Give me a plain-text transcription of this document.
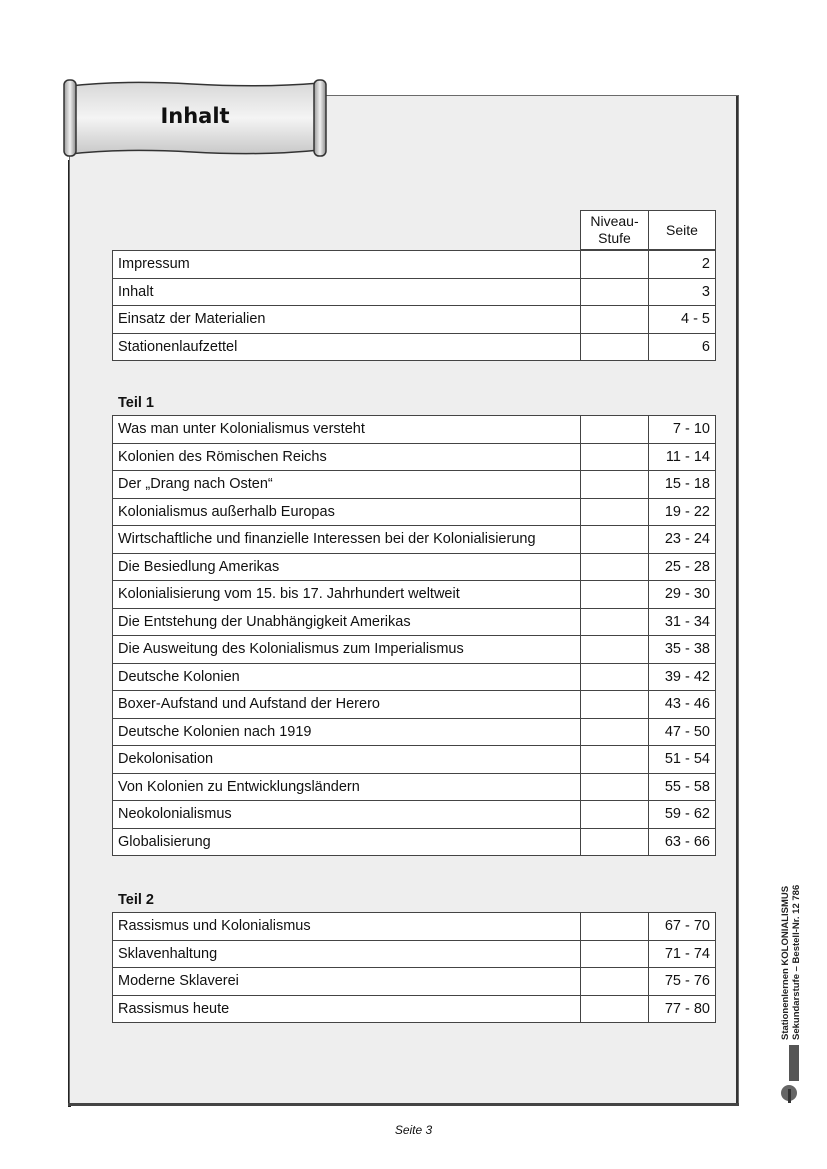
Inhalt
Niveau-
Stufe	Seite
Impressum		2
Inhalt		3
Einsatz der Materialien		4 - 5
Stationenlaufzettel		6
Teil 1
Was man unter Kolonialismus versteht		7 - 10
Kolonien des Römischen Reichs		11 - 14
Der „Drang nach Osten“		15 - 18
Kolonialismus außerhalb Europas		19 - 22
Wirtschaftliche und finanzielle Interessen bei der Kolonialisierung		23 - 24
Die Besiedlung Amerikas		25 - 28
Kolonialisierung vom 15. bis 17. Jahrhundert weltweit		29 - 30
Die Entstehung der Unabhängigkeit Amerikas		31 - 34
Die Ausweitung des Kolonialismus zum Imperialismus		35 - 38
Deutsche Kolonien		39 - 42
Boxer-Aufstand und Aufstand der Herero		43 - 46
Deutsche Kolonien nach 1919		47 - 50
Dekolonisation		51 - 54
Von Kolonien zu Entwicklungsländern		55 - 58
Neokolonialismus		59 - 62
Globalisierung		63 - 66
Teil 2
Rassismus und Kolonialismus		67 - 70
Sklavenhaltung		71 - 74
Moderne Sklaverei		75 - 76
Rassismus heute		77 - 80	Stationenlernen KOLONIALISMUS Sekundarstufe – Bestell-Nr. 12 786
Seite 3
